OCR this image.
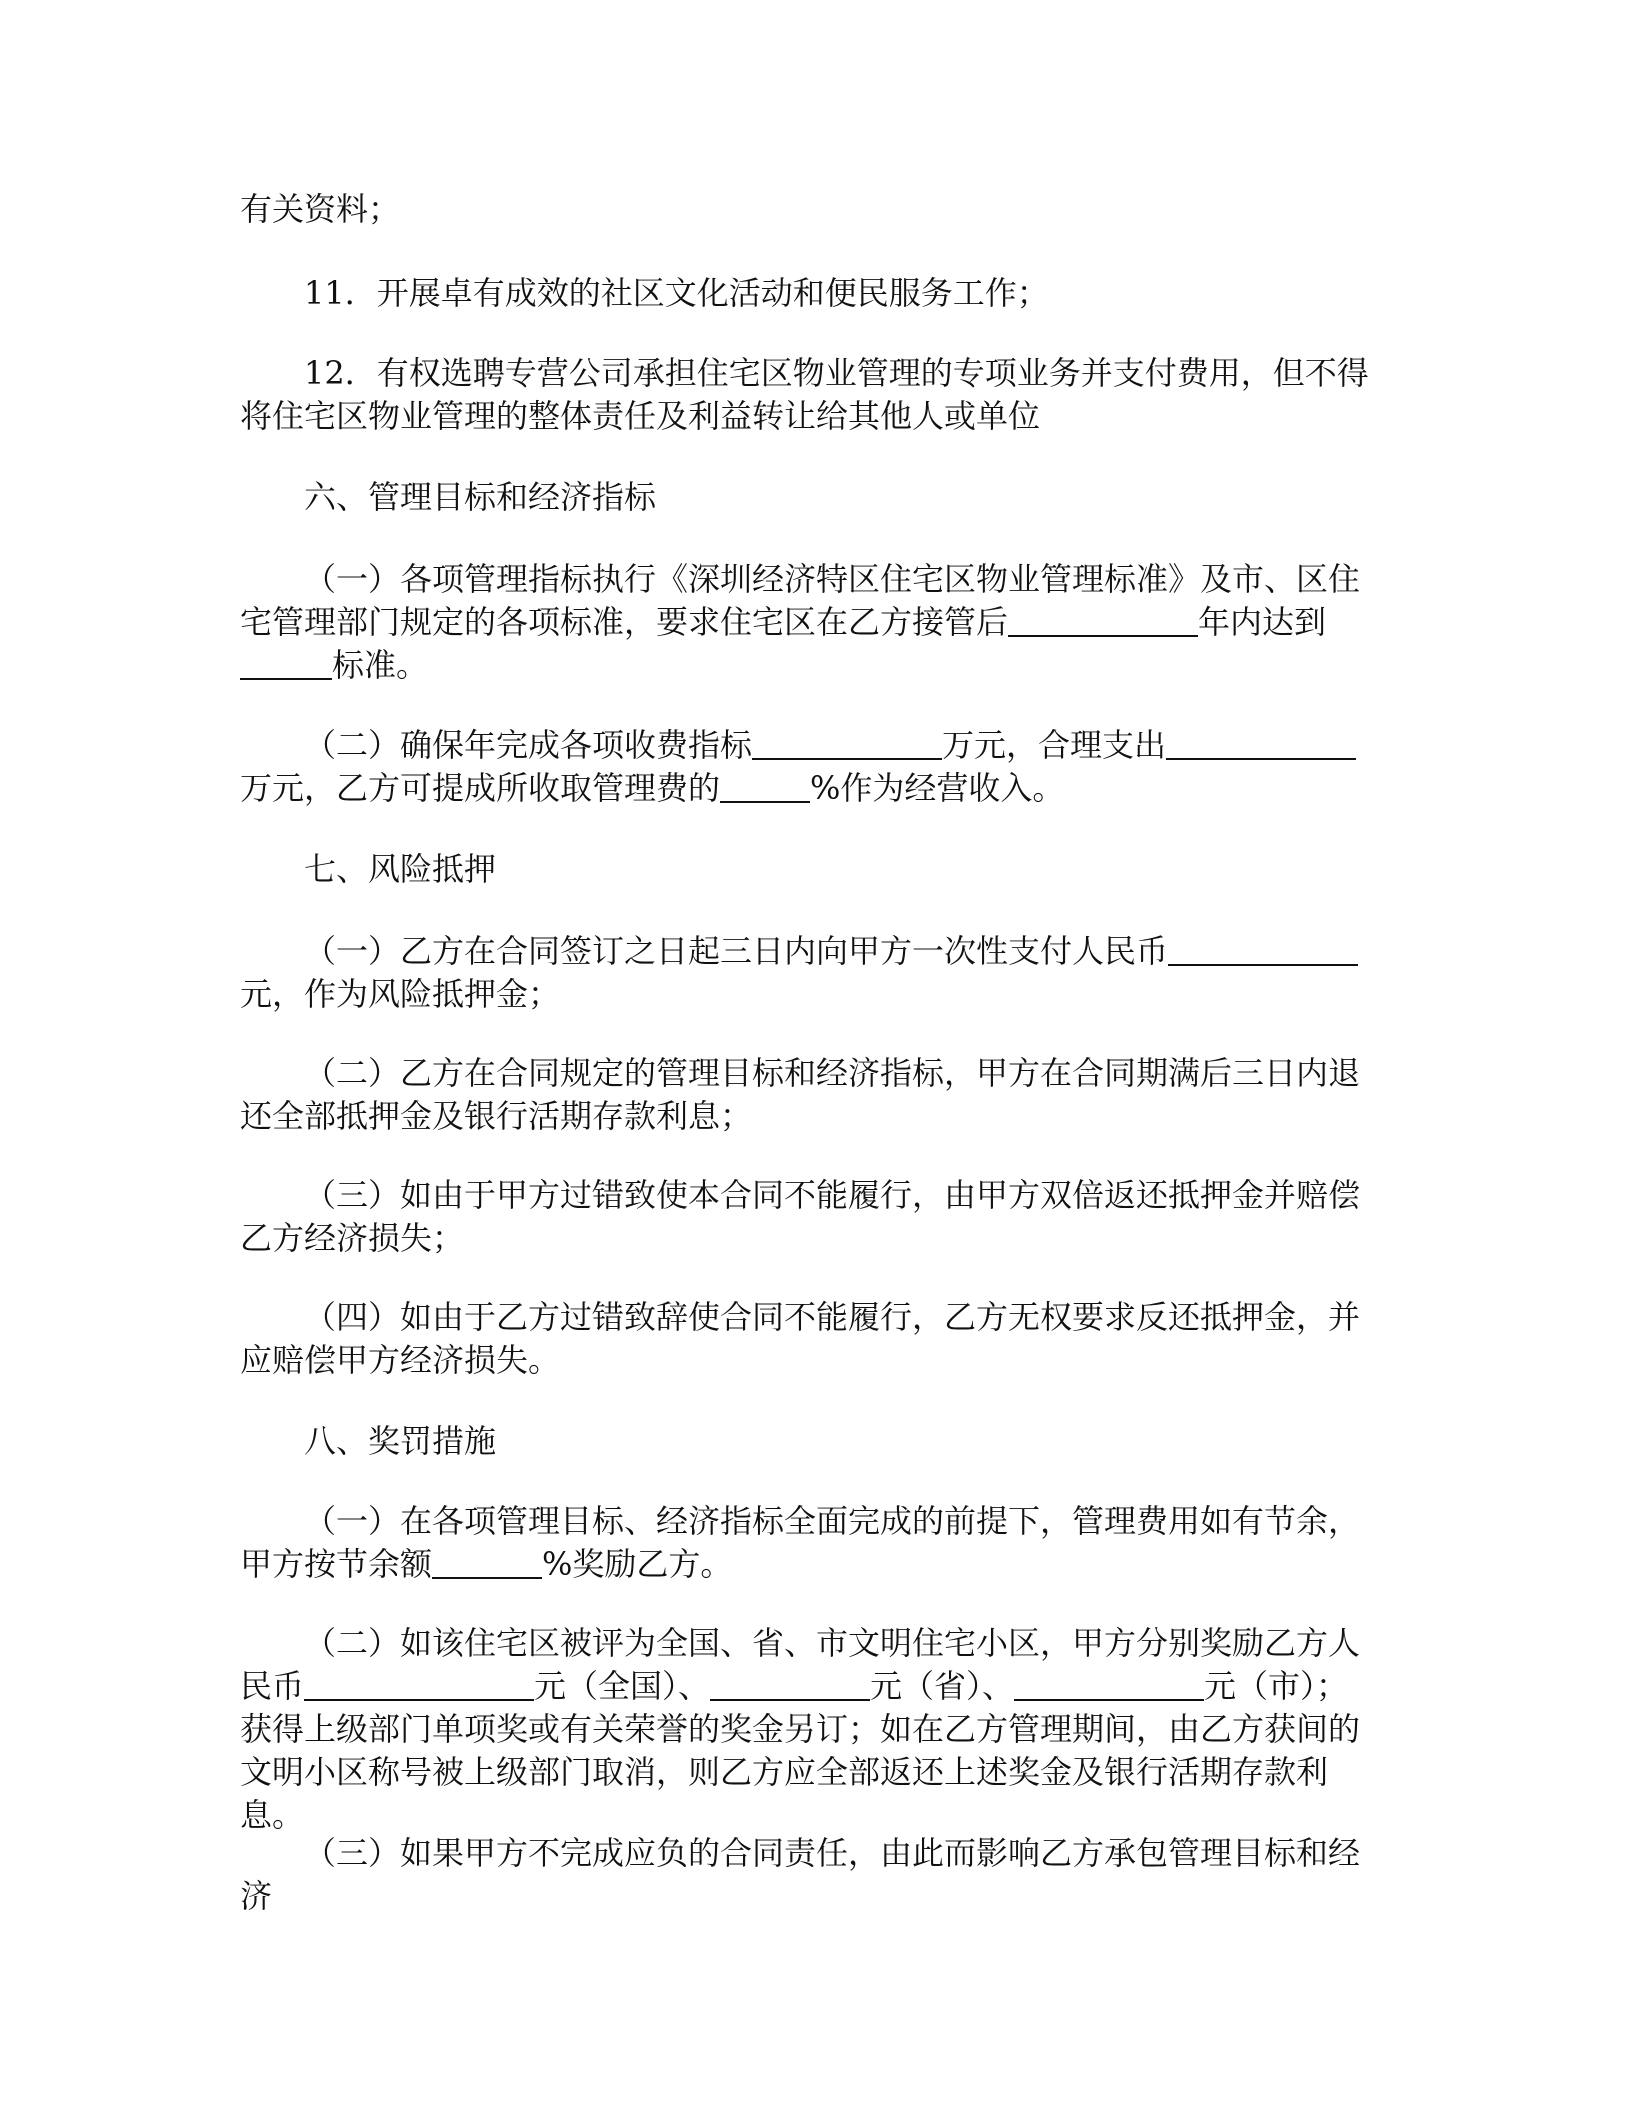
有关资料；

11．开展卓有成效的社区文化活动和便民服务工作；

12．有权选聘专营公司承担住宅区物业管理的专项业务并支付费用，但不得将住宅区物业管理的整体责任及利益转让给其他人或单位

六、管理目标和经济指标

（一）各项管理指标执行《深圳经济特区住宅区物业管理标准》及市、区住宅管理部门规定的各项标准，要求住宅区在乙方接管后	年内达到标准。

（二）确保年完成各项收费指标	万元，合理支出万元，乙方可提成所收取管理费的	%作为经营收入。

七、风险抵押

（一）乙方在合同签订之日起三日内向甲方一次性支付人民币元，作为风险抵押金；

（二）乙方在合同规定的管理目标和经济指标，甲方在合同期满后三日内退还全部抵押金及银行活期存款利息；

（三）如由于甲方过错致使本合同不能履行，由甲方双倍返还抵押金并赔偿乙方经济损失；

（四）如由于乙方过错致辞使合同不能履行，乙方无权要求反还抵押金，并应赔偿甲方经济损失。

八、奖罚措施

（一）在各项管理目标、经济指标全面完成的前提下，管理费用如有节余，甲方按节余额	%奖励乙方。

（二）如该住宅区被评为全国、省、市文明住宅小区，甲方分别奖励乙方人民币	元（全国）、	元（省）、	元（市）；获得上级部门单项奖或有关荣誉的奖金另订；如在乙方管理期间，由乙方获间的文明小区称号被上级部门取消，则乙方应全部返还上述奖金及银行活期存款利息。

（三）如果甲方不完成应负的合同责任，由此而影响乙方承包管理目标和经济
